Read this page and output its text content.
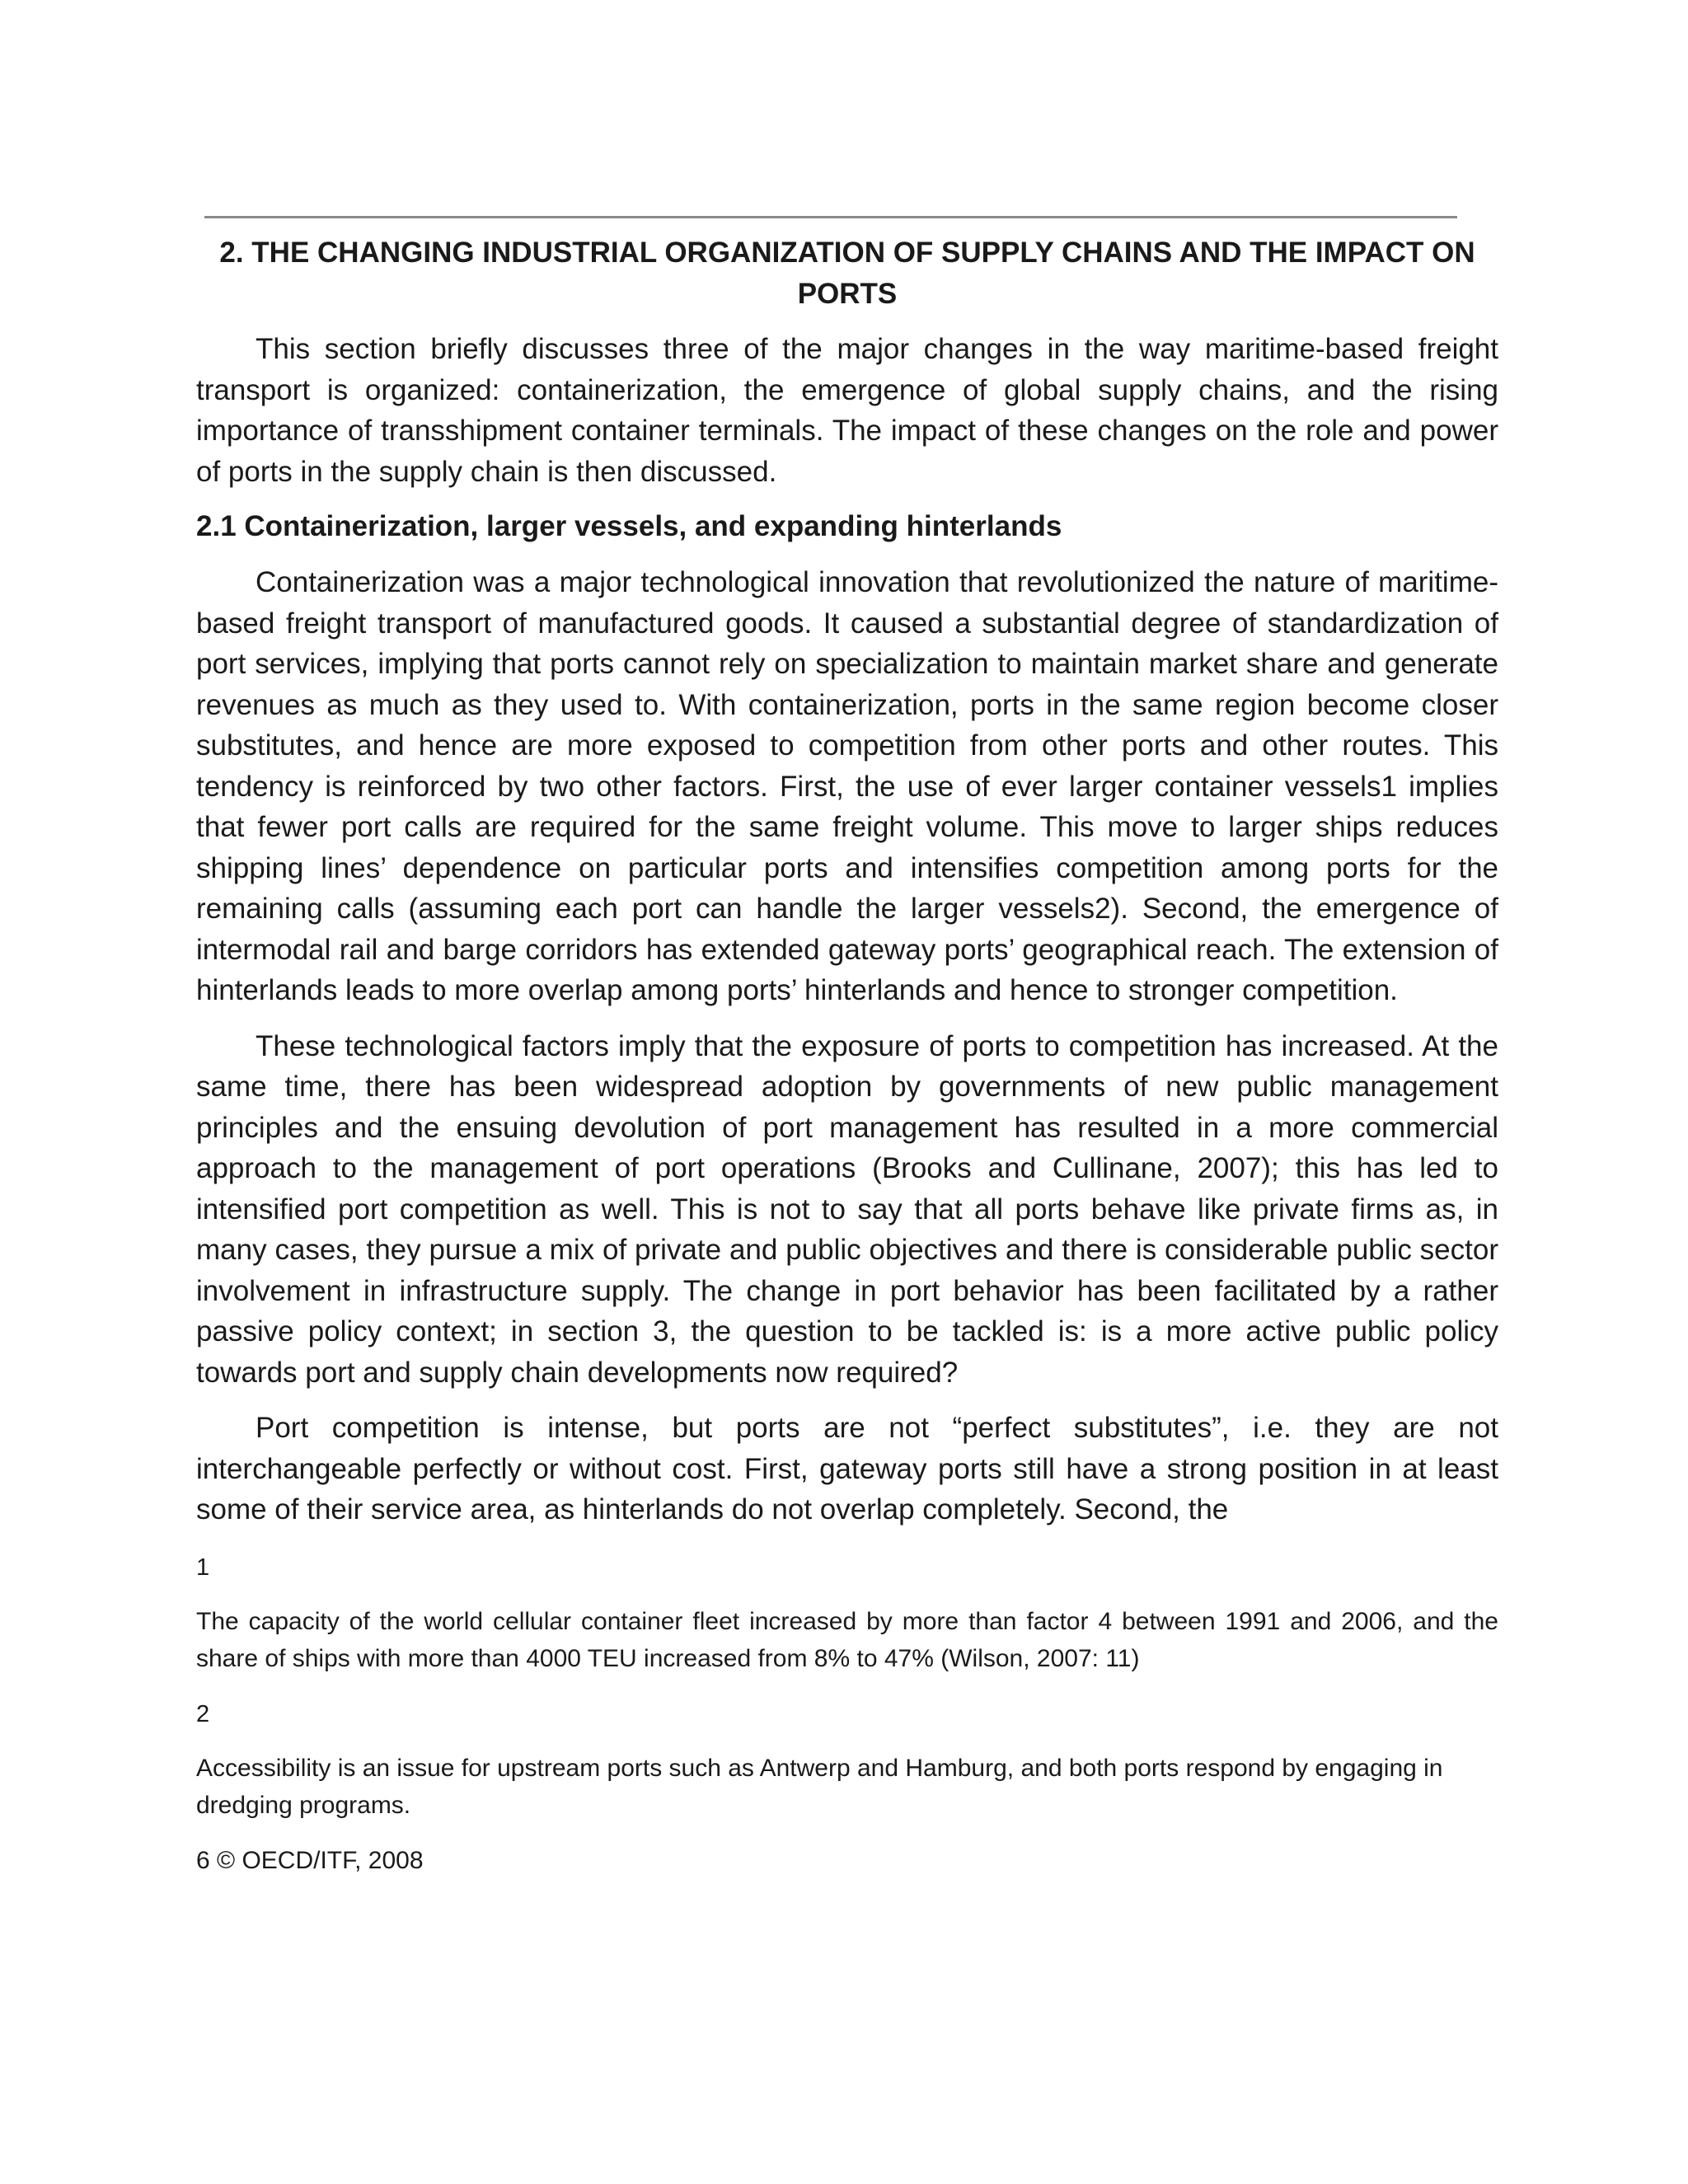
2. THE CHANGING INDUSTRIAL ORGANIZATION OF SUPPLY CHAINS AND THE IMPACT ON PORTS

This section briefly discusses three of the major changes in the way maritime-based freight transport is organized: containerization, the emergence of global supply chains, and the rising importance of transshipment container terminals. The impact of these changes on the role and power of ports in the supply chain is then discussed.

2.1 Containerization, larger vessels, and expanding hinterlands

Containerization was a major technological innovation that revolutionized the nature of maritime-based freight transport of manufactured goods. It caused a substantial degree of standardization of port services, implying that ports cannot rely on specialization to maintain market share and generate revenues as much as they used to. With containerization, ports in the same region become closer substitutes, and hence are more exposed to competition from other ports and other routes. This tendency is reinforced by two other factors. First, the use of ever larger container vessels1 implies that fewer port calls are required for the same freight volume. This move to larger ships reduces shipping lines’ dependence on particular ports and intensifies competition among ports for the remaining calls (assuming each port can handle the larger vessels2). Second, the emergence of intermodal rail and barge corridors has extended gateway ports’ geographical reach. The extension of hinterlands leads to more overlap among ports’ hinterlands and hence to stronger competition.

These technological factors imply that the exposure of ports to competition has increased. At the same time, there has been widespread adoption by governments of new public management principles and the ensuing devolution of port management has resulted in a more commercial approach to the management of port operations (Brooks and Cullinane, 2007); this has led to intensified port competition as well. This is not to say that all ports behave like private firms as, in many cases, they pursue a mix of private and public objectives and there is considerable public sector involvement in infrastructure supply. The change in port behavior has been facilitated by a rather passive policy context; in section 3, the question to be tackled is: is a more active public policy towards port and supply chain developments now required?

Port competition is intense, but ports are not “perfect substitutes”, i.e. they are not interchangeable perfectly or without cost. First, gateway ports still have a strong position in at least some of their service area, as hinterlands do not overlap completely. Second, the

1

The capacity of the world cellular container fleet increased by more than factor 4 between 1991 and 2006, and the share of ships with more than 4000 TEU increased from 8% to 47% (Wilson, 2007: 11)

2

Accessibility is an issue for upstream ports such as Antwerp and Hamburg, and both ports respond by engaging in dredging programs.

6 © OECD/ITF, 2008
